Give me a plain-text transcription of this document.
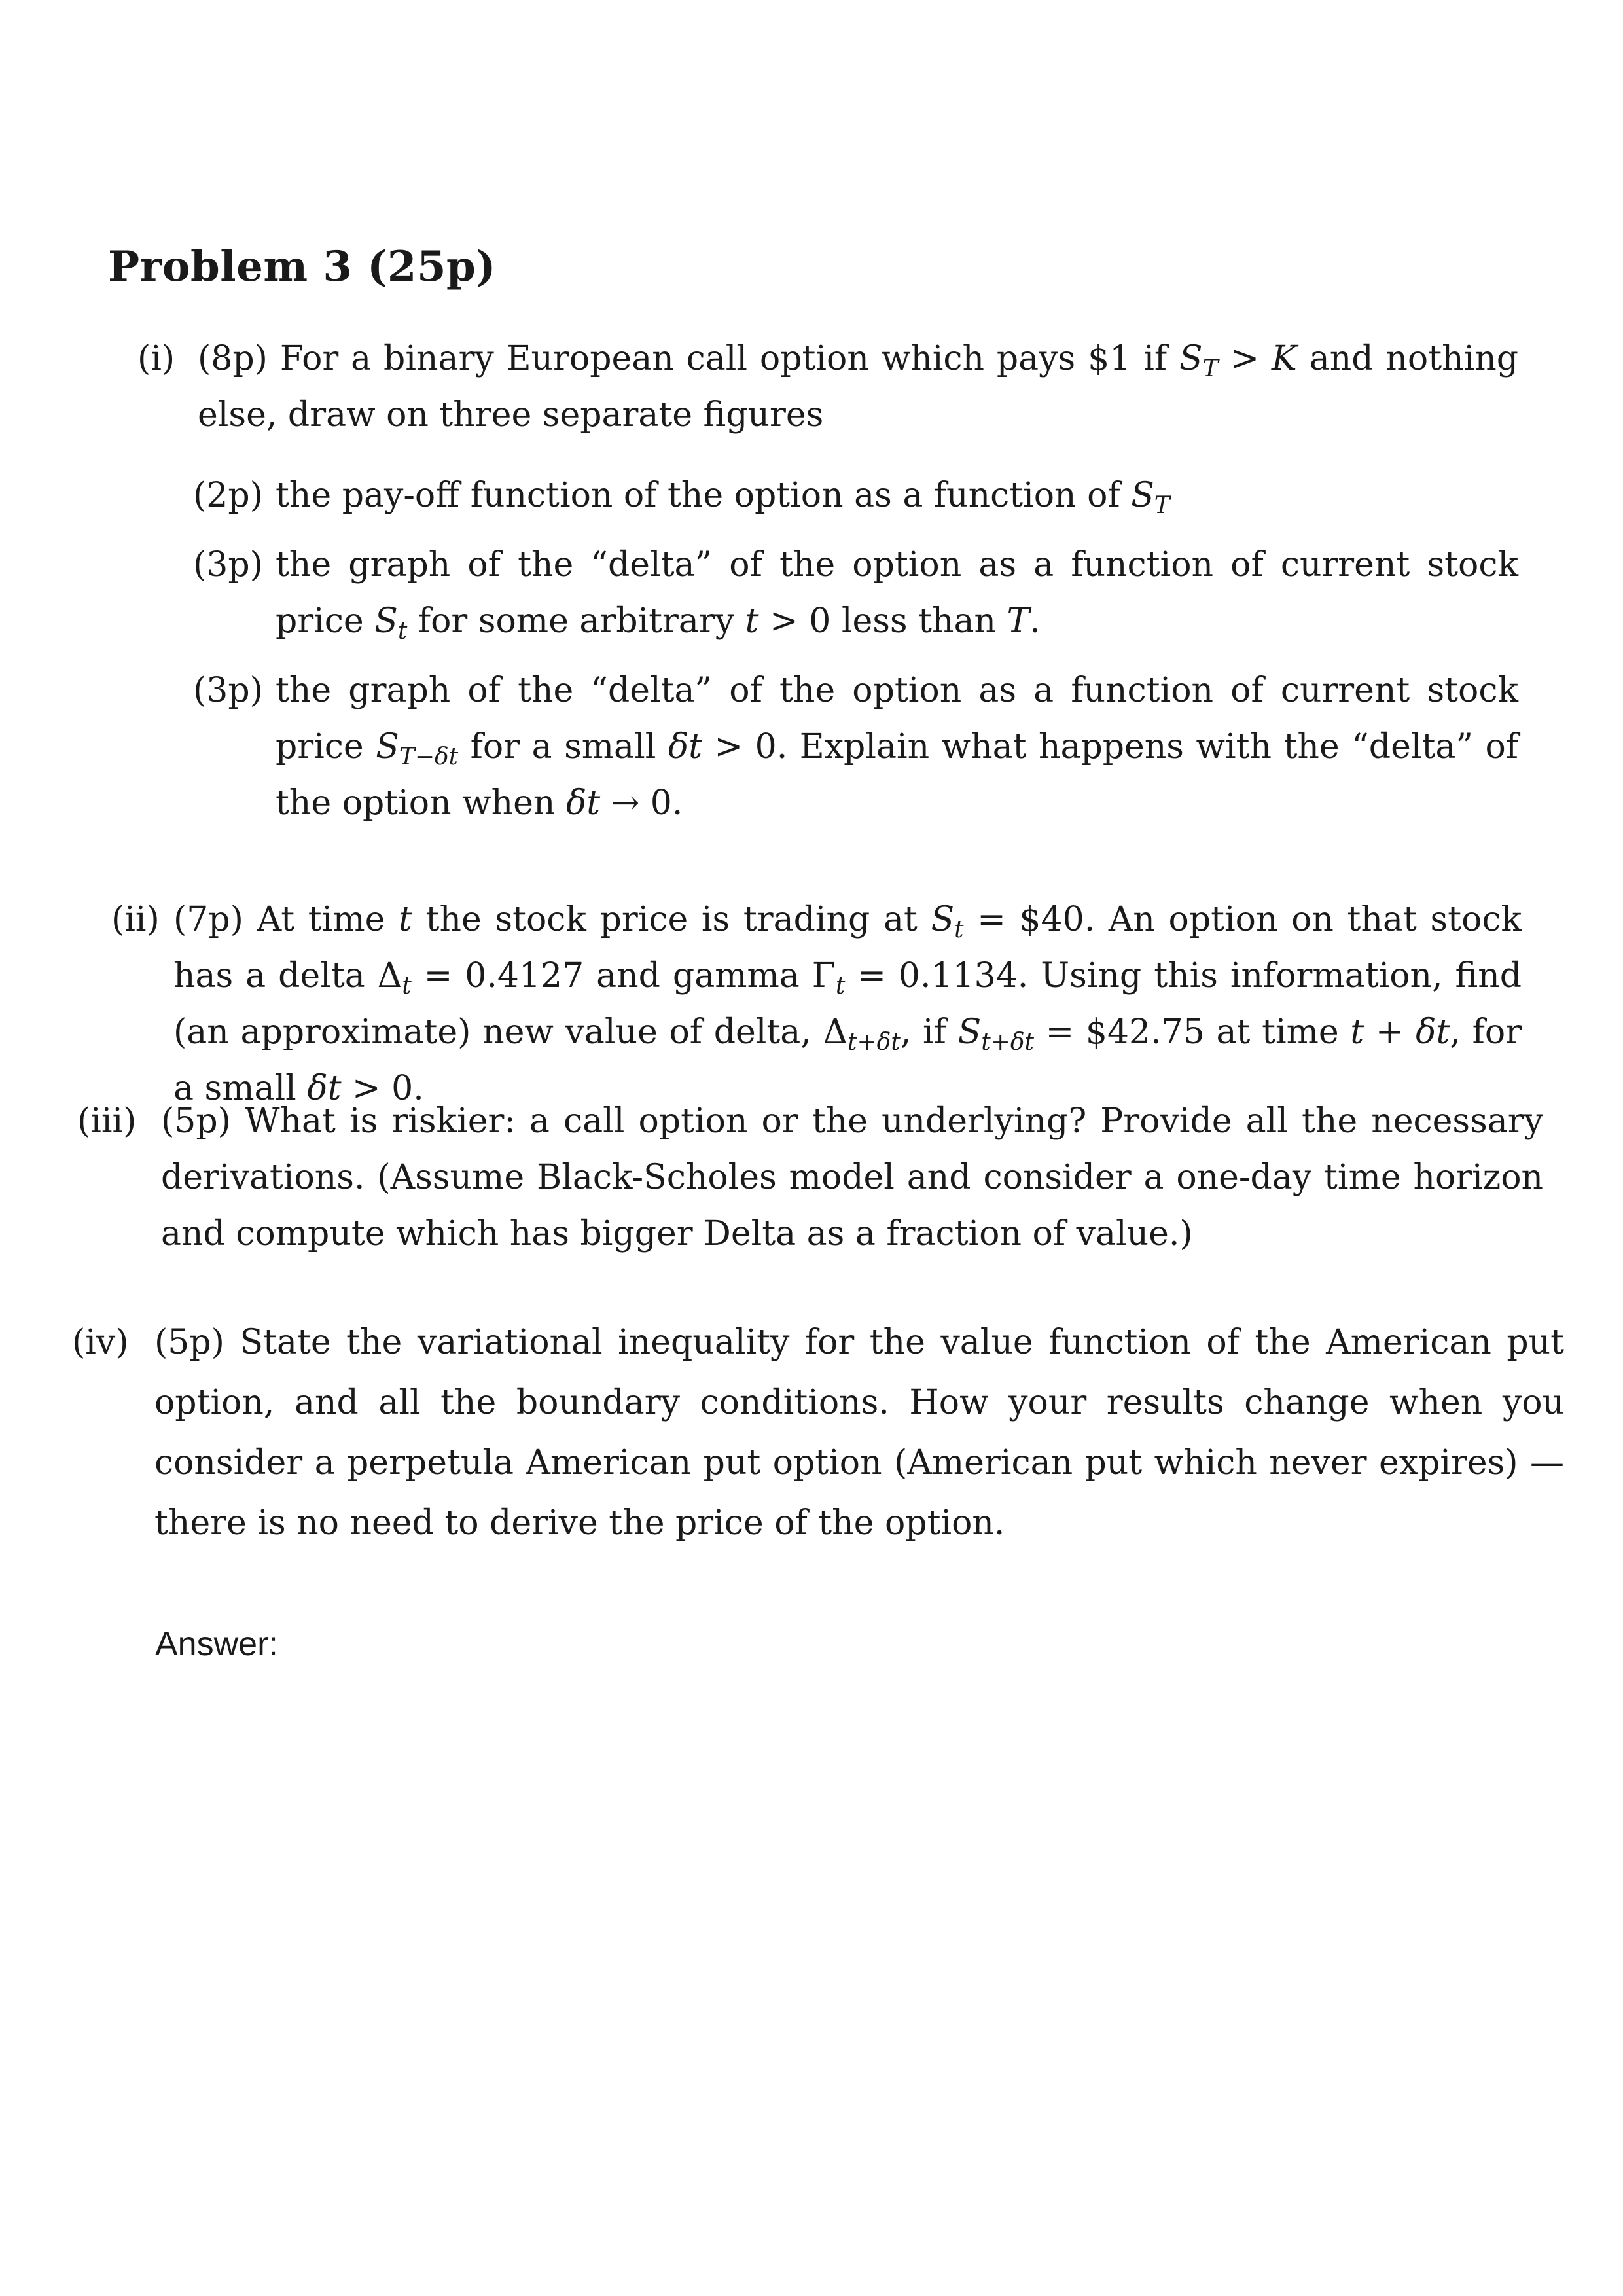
Problem 3 (25p)
(i) (8p) For a binary European call option which pays $1 if $S_T > K$ and nothing else, draw on three separate figures
(2p) the pay-off function of the option as a function of $S_T$
(3p) the graph of the “delta” of the option as a function of current stock price $S_t$ for some arbitrary t > 0 less than T.
(3p) the graph of the “delta” of the option as a function of current stock price $S_{T-\delta t}$ for a small δt > 0. Explain what happens with the “delta” of the option when δt → 0.
(ii) (7p) At time t the stock price is trading at $S_t$ = $40. An option on that stock has a delta $\Delta_t = 0.4127$ and gamma $\Gamma_t = 0.1134$. Using this information, find (an approximate) new value of delta, $\Delta_{t+\delta t}$, if $S_{t+\delta t}$ = $42.75 at time t + δt, for a small δt > 0.
(iii) (5p) What is riskier: a call option or the underlying? Provide all the necessary derivations. (Assume Black-Scholes model and consider a one-day time horizon and compute which has bigger Delta as a fraction of value.)
(iv) (5p) State the variational inequality for the value function of the American put option, and all the boundary conditions. How your results change when you consider a perpetula American put option (American put which never expires) — there is no need to derive the price of the option.
Answer:
